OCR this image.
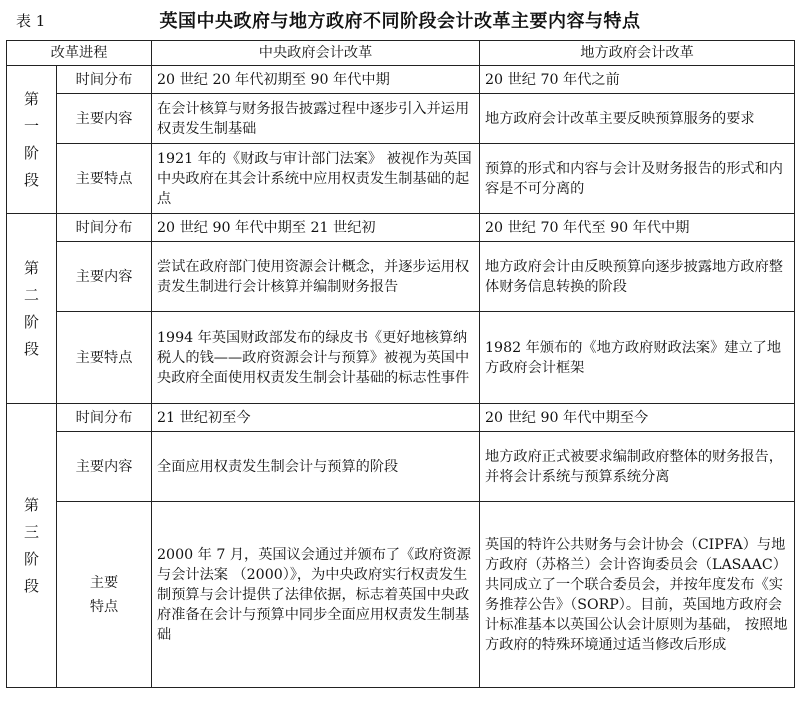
表 1	英国中央政府与地方政府不同阶段会计改革主要内容与特点
改革进程		中央政府会计改革	地方政府会计改革
第一阶段	时间分布	20 世纪 20 年代初期至 90 年代中期	20 世纪 70 年代之前
	主要内容	在会计核算与财务报告披露过程中逐步引入并运用权责发生制基础	地方政府会计改革主要反映预算服务的要求
	主要特点	1921 年的《财政与审计部门法案》 被视作为英国中央政府在其会计系统中应用权责发生制基础的起点	预算的形式和内容与会计及财务报告的形式和内容是不可分离的
第二阶段	时间分布	20 世纪 90 年代中期至 21 世纪初	20 世纪 70 年代至 90 年代中期
	主要内容	尝试在政府部门使用资源会计概念，并逐步运用权责发生制进行会计核算并编制财务报告	地方政府会计由反映预算向逐步披露地方政府整体财务信息转换的阶段
	主要特点	1994 年英国财政部发布的绿皮书《更好地核算纳税人的钱——政府资源会计与预算》被视为英国中央政府全面使用权责发生制会计基础的标志性事件	1982 年颁布的《地方政府财政法案》建立了地方政府会计框架
第三阶段	时间分布	21 世纪初至今	20 世纪 90 年代中期至今
	主要内容	全面应用权责发生制会计与预算的阶段	地方政府正式被要求编制政府整体的财务报告， 并将会计系统与预算系统分离
	主要特点	2000 年 7 月，英国议会通过并颁布了《政府资源与会计法案 （2000）》，为中央政府实行权责发生制预算与会计提供了法律依据，标志着英国中央政府准备在会计与预算中同步全面应用权责发生制基础	英国的特许公共财务与会计协会（CIPFA）与地方政府（苏格兰）会计咨询委员会（LASAAC）共同成立了一个联合委员会，并按年度发布《实务推荐公告》（SORP）。目前，英国地方政府会计标准基本以英国公认会计原则为基础， 按照地方政府的特殊环境通过适当修改后形成
